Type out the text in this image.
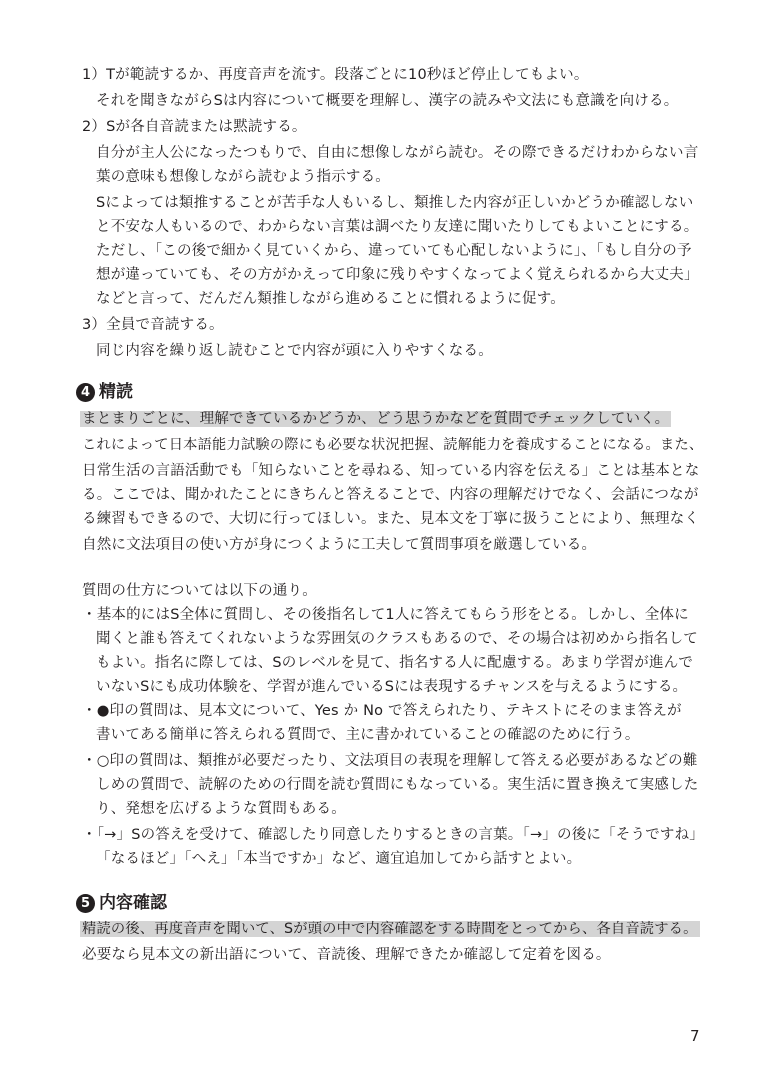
1）Tが範読するか、再度音声を流す。段落ごとに10秒ほど停止してもよい。
それを聞きながらSは内容について概要を理解し、漢字の読みや文法にも意識を向ける。
2）Sが各自音読または黙読する。
自分が主人公になったつもりで、自由に想像しながら読む。その際できるだけわからない言
葉の意味も想像しながら読むよう指示する。
Sによっては類推することが苦手な人もいるし、類推した内容が正しいかどうか確認しない
と不安な人もいるので、わからない言葉は調べたり友達に聞いたりしてもよいことにする。
ただし、「この後で細かく見ていくから、違っていても心配しないように」、「もし自分の予
想が違っていても、その方がかえって印象に残りやすくなってよく覚えられるから大丈夫」
などと言って、だんだん類推しながら進めることに慣れるように促す。
3）全員で音読する。
同じ内容を繰り返し読むことで内容が頭に入りやすくなる。
4 精読
まとまりごとに、理解できているかどうか、どう思うかなどを質問でチェックしていく。
これによって日本語能力試験の際にも必要な状況把握、読解能力を養成することになる。また、
日常生活の言語活動でも「知らないことを尋ねる、知っている内容を伝える」ことは基本とな
る。ここでは、聞かれたことにきちんと答えることで、内容の理解だけでなく、会話につなが
る練習もできるので、大切に行ってほしい。また、見本文を丁寧に扱うことにより、無理なく
自然に文法項目の使い方が身につくように工夫して質問事項を厳選している。
質問の仕方については以下の通り。
・基本的にはS全体に質問し、その後指名して1人に答えてもらう形をとる。しかし、全体に
聞くと誰も答えてくれないような雰囲気のクラスもあるので、その場合は初めから指名して
もよい。指名に際しては、Sのレベルを見て、指名する人に配慮する。あまり学習が進んで
いないSにも成功体験を、学習が進んでいるSには表現するチャンスを与えるようにする。
・●印の質問は、見本文について、Yes か No で答えられたり、テキストにそのまま答えが
書いてある簡単に答えられる質問で、主に書かれていることの確認のために行う。
・○印の質問は、類推が必要だったり、文法項目の表現を理解して答える必要があるなどの難
しめの質問で、読解のための行間を読む質問にもなっている。実生活に置き換えて実感した
り、発想を広げるような質問もある。
・「→」Sの答えを受けて、確認したり同意したりするときの言葉。「→」の後に「そうですね」
「なるほど」「へえ」「本当ですか」など、適宜追加してから話すとよい。
5 内容確認
精読の後、再度音声を聞いて、Sが頭の中で内容確認をする時間をとってから、各自音読する。
必要なら見本文の新出語について、音読後、理解できたか確認して定着を図る。
7
